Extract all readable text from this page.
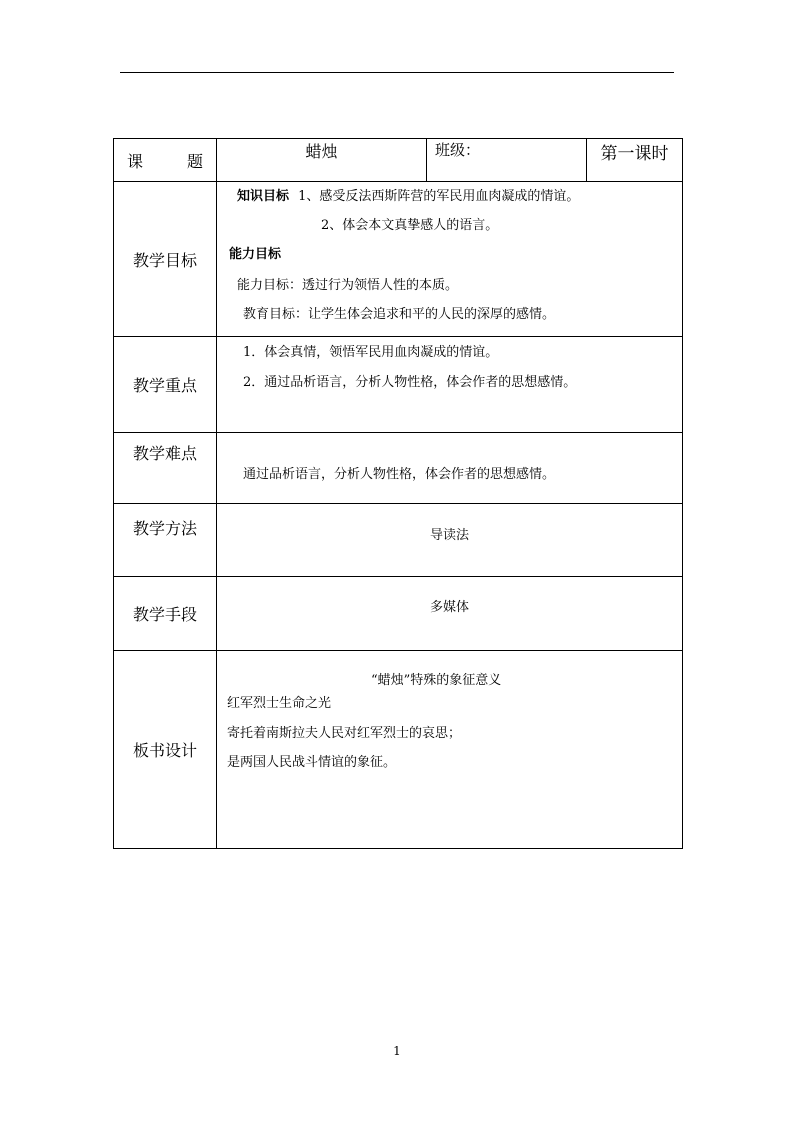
课 题	蜡烛	班级：	第一课时
教学目标	知识目标 1、感受反法西斯阵营的军民用血肉凝成的情谊。
2、体会本文真挚感人的语言。
能力目标
能力目标：透过行为领悟人性的本质。
教育目标：让学生体会追求和平的人民的深厚的感情。		

教学重点	1．体会真情，领悟军民用血肉凝成的情谊。
2．通过品析语言，分析人物性格，体会作者的思想感情。		

教学难点	通过品析语言，分析人物性格，体会作者的思想感情。		

教学方法	导读法		

教学手段	多媒体		

板书设计	“蜡烛”特殊的象征意义
红军烈士生命之光
寄托着南斯拉夫人民对红军烈士的哀思；
是两国人民战斗情谊的象征。		
1
